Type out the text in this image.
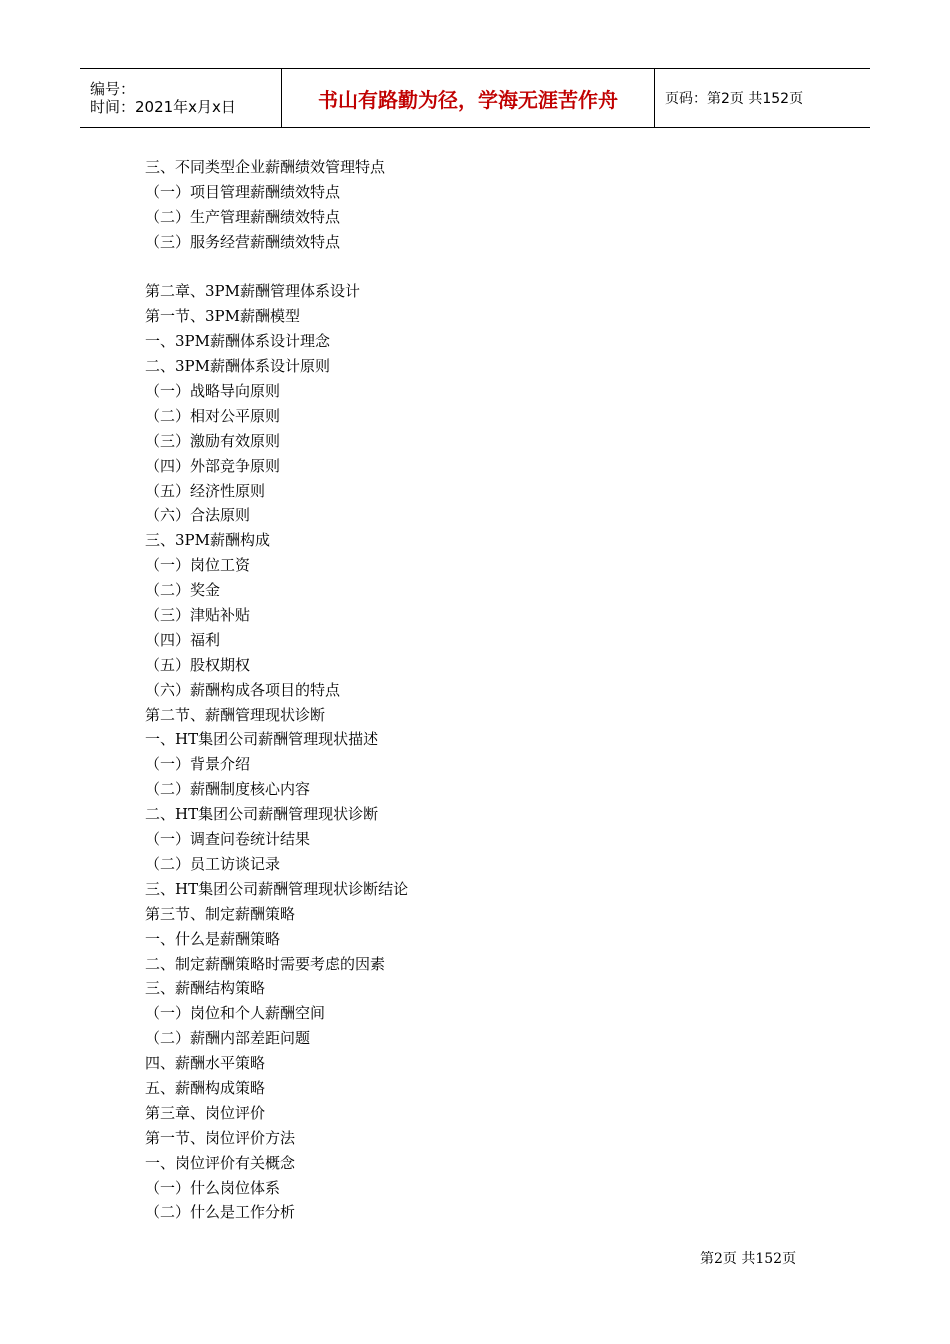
编号：
时间：2021年x月x日	书山有路勤为径，学海无涯苦作舟	页码：第2页 共152页
三、不同类型企业薪酬绩效管理特点
（一）项目管理薪酬绩效特点
（二）生产管理薪酬绩效特点
（三）服务经营薪酬绩效特点
第二章、3PM薪酬管理体系设计
第一节、3PM薪酬模型
一、3PM薪酬体系设计理念
二、3PM薪酬体系设计原则
（一）战略导向原则
（二）相对公平原则
（三）激励有效原则
（四）外部竞争原则
（五）经济性原则
（六）合法原则
三、3PM薪酬构成
（一）岗位工资
（二）奖金
（三）津贴补贴
（四）福利
（五）股权期权
（六）薪酬构成各项目的特点
第二节、薪酬管理现状诊断
一、HT集团公司薪酬管理现状描述
（一）背景介绍
（二）薪酬制度核心内容
二、HT集团公司薪酬管理现状诊断
（一）调查问卷统计结果
（二）员工访谈记录
三、HT集团公司薪酬管理现状诊断结论
第三节、制定薪酬策略
一、什么是薪酬策略
二、制定薪酬策略时需要考虑的因素
三、薪酬结构策略
（一）岗位和个人薪酬空间
（二）薪酬内部差距问题
四、薪酬水平策略
五、薪酬构成策略
第三章、岗位评价
第一节、岗位评价方法
一、岗位评价有关概念
（一）什么岗位体系
（二）什么是工作分析
第2页 共152页
